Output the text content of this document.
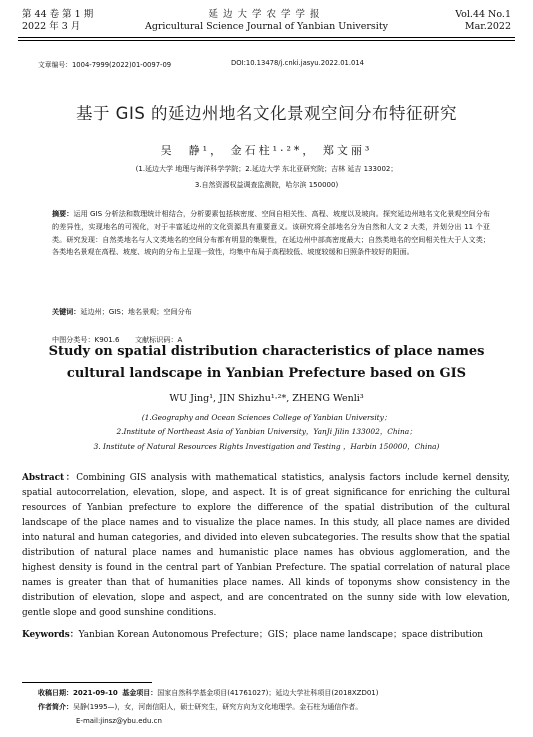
第 44 卷 第 1 期
2022 年 3 月
延边大学农学学报
Agricultural Science Journal of Yanbian University
Vol.44 No.1
Mar.2022
文章编号：1004-7999(2022)01-0097-09	DOI:10.13478/j.cnki.jasyu.2022.01.014
基于 GIS 的延边州地名文化景观空间分布特征研究
吴　静¹， 金石柱¹·²*， 郑文丽³
(1.延边大学 地理与海洋科学学院；2.延边大学 东北亚研究院；吉林 延吉 133002；
3.自然资源权益调查监测院，哈尔滨 150000)
摘要：运用 GIS 分析法和数理统计相结合，分析要素包括核密度、空间自相关性、高程、坡度以及坡向。探究延边州地名文化景观空间分布的差异性，实现地名的可视化，对于丰富延边州的文化资源具有重要意义。该研究将全部地名分为自然和人文 2 大类，并划分出 11 个亚类。研究发现：自然类地名与人文类地名的空间分布都有明显的集聚性，在延边州中部高密度最大；自然类地名的空间相关性大于人文类；各类地名景观在高程、坡度、坡向的分布上呈现一致性，均集中布局于高程较低、坡度较缓和日照条件较好的阳面。
关键词：延边州；GIS；地名景观；空间分布
中图分类号：K901.6 文献标识码：A
Study on spatial distribution characteristics of place names
cultural landscape in Yanbian Prefecture based on GIS
WU Jing¹, JIN Shizhu¹·²*, ZHENG Wenli³
(1.Geography and Ocean Sciences College of Yanbian University；
2.Institute of Northeast Asia of Yanbian University，YanJi Jilin 133002，China；
3. Institute of Natural Resources Rights Investigation and Testing ，Harbin 150000，China)
Abstract：Combining GIS analysis with mathematical statistics, analysis factors include kernel density, spatial autocorrelation, elevation, slope, and aspect. It is of great significance for enriching the cultural resources of Yanbian prefecture to explore the difference of the spatial distribution of the cultural landscape of the place names and to visualize the place names. In this study, all place names are divided into natural and human categories, and divided into eleven subcategories. The results show that the spatial distribution of natural place names and humanistic place names has obvious agglomeration, and the highest density is found in the central part of Yanbian Prefecture. The spatial correlation of natural place names is greater than that of humanities place names. All kinds of toponyms show consistency in the distribution of elevation, slope and aspect, and are concentrated on the sunny side with low elevation, gentle slope and good sunshine conditions.
Keywords：Yanbian Korean Autonomous Prefecture；GIS；place name landscape；space distribution
收稿日期：2021-09-10 基金项目：国家自然科学基金项目(41761027)；延边大学社科项目(2018XZD01)
作者简介：吴静(1995—)，女，河南信阳人，硕士研究生，研究方向为文化地理学。金石柱为通信作者。
E-mail:jinsz@ybu.edu.cn
